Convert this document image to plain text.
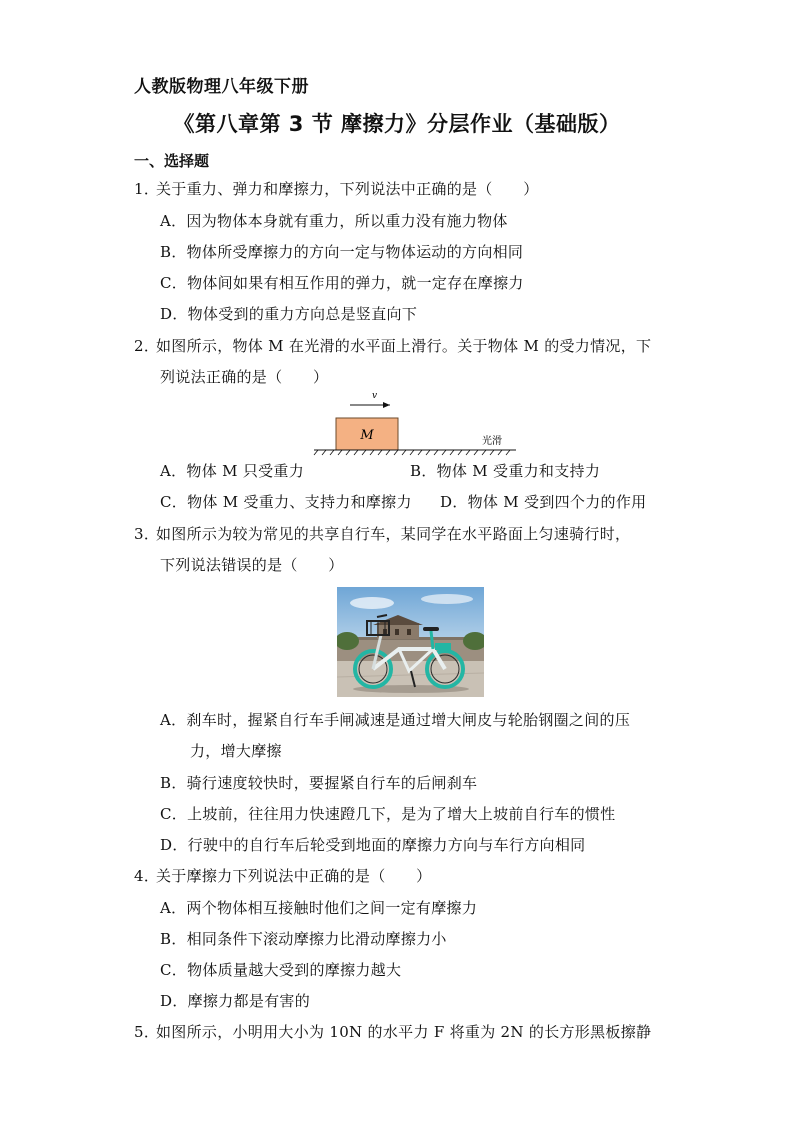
人教版物理八年级下册
《第八章第 3 节 摩擦力》分层作业（基础版）
一、选择题
1．关于重力、弹力和摩擦力，下列说法中正确的是（　　）
A．因为物体本身就有重力，所以重力没有施力物体
B．物体所受摩擦力的方向一定与物体运动的方向相同
C．物体间如果有相互作用的弹力，就一定存在摩擦力
D．物体受到的重力方向总是竖直向下
2．如图所示，物体 M 在光滑的水平面上滑行。关于物体 M 的受力情况，下
列说法正确的是（　　）
v
M	光滑
A．物体 M 只受重力	B．物体 M 受重力和支持力
C．物体 M 受重力、支持力和摩擦力 D．物体 M 受到四个力的作用
3．如图所示为较为常见的共享自行车，某同学在水平路面上匀速骑行时，
下列说法错误的是（　　）
A．刹车时，握紧自行车手闸减速是通过增大闸皮与轮胎钢圈之间的压
力，增大摩擦
B．骑行速度较快时，要握紧自行车的后闸刹车
C．上坡前，往往用力快速蹬几下，是为了增大上坡前自行车的惯性
D．行驶中的自行车后轮受到地面的摩擦力方向与车行方向相同
4．关于摩擦力下列说法中正确的是（　　）
A．两个物体相互接触时他们之间一定有摩擦力
B．相同条件下滚动摩擦力比滑动摩擦力小
C．物体质量越大受到的摩擦力越大
D．摩擦力都是有害的
5．如图所示，小明用大小为 10N 的水平力 F 将重为 2N 的长方形黑板擦静
